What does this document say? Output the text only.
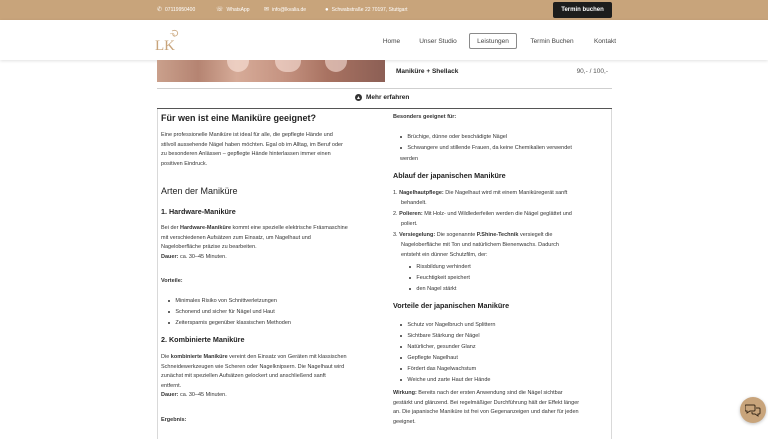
✆ 07119950400	☏ WhatsApp ✉ info@lkvalia.de	● Schwabstraße 22 70197, Stuttgart	Termin buchen
LK	Home	Unser Studio	Leistungen	Termin Buchen	Kontakt
Maniküre + Shellack	90,- / 100,-
▲ Mehr erfahren
Für wen ist eine Maniküre geeignet?
Eine professionelle Maniküre ist ideal für alle, die gepflegte Hände und
stilvoll aussehende Nägel haben möchten. Egal ob im Alltag, im Beruf oder
zu besonderen Anlässen – gepflegte Hände hinterlassen immer einen
positiven Eindruck.
Arten der Maniküre
1. Hardware-Maniküre
Bei der Hardware-Maniküre kommt eine spezielle elektrische Fräsmaschine
mit verschiedenen Aufsätzen zum Einsatz, um Nagelhaut und
Nageloberfläche präzise zu bearbeiten.
Dauer: ca. 30–45 Minuten.
Vorteile:
Minimales Risiko von Schnittverletzungen
Schonend und sicher für Nägel und Haut
Zeitersparnis gegenüber klassischen Methoden
2. Kombinierte Maniküre
Die kombinierte Maniküre vereint den Einsatz von Geräten mit klassischen
Schneidewerkzeugen wie Scheren oder Nagelknipsern. Die Nagelhaut wird
zunächst mit speziellen Aufsätzen gelockert und anschließend sanft
entfernt.
Dauer: ca. 30–45 Minuten.
Ergebnis:
Besonders geeignet für:
Brüchige, dünne oder beschädigte Nägel
Schwangere und stillende Frauen, da keine Chemikalien verwendet
werden
Ablauf der japanischen Maniküre
1. Nagelhautpflege: Die Nagelhaut wird mit einem Maniküregerät sanft
behandelt.
2. Polieren: Mit Holz- und Wildlederfeilen werden die Nägel geglättet und
poliert.
3. Versiegelung: Die sogenannte P.Shine-Technik versiegelt die
Nageloberfläche mit Ton und natürlichem Bienenwachs. Dadurch
entsteht ein dünner Schutzfilm, der:
Rissbildung verhindert
Feuchtigkeit speichert
den Nagel stärkt
Vorteile der japanischen Maniküre
Schutz vor Nagelbruch und Splittern
Sichtbare Stärkung der Nägel
Natürlicher, gesunder Glanz
Gepflegte Nagelhaut
Fördert das Nagelwachstum
Weiche und zarte Haut der Hände
Wirkung: Bereits nach der ersten Anwendung sind die Nägel sichtbar
gestärkt und glänzend. Bei regelmäßiger Durchführung hält der Effekt länger
an. Die japanische Maniküre ist frei von Gegenanzeigen und daher für jeden
geeignet.
